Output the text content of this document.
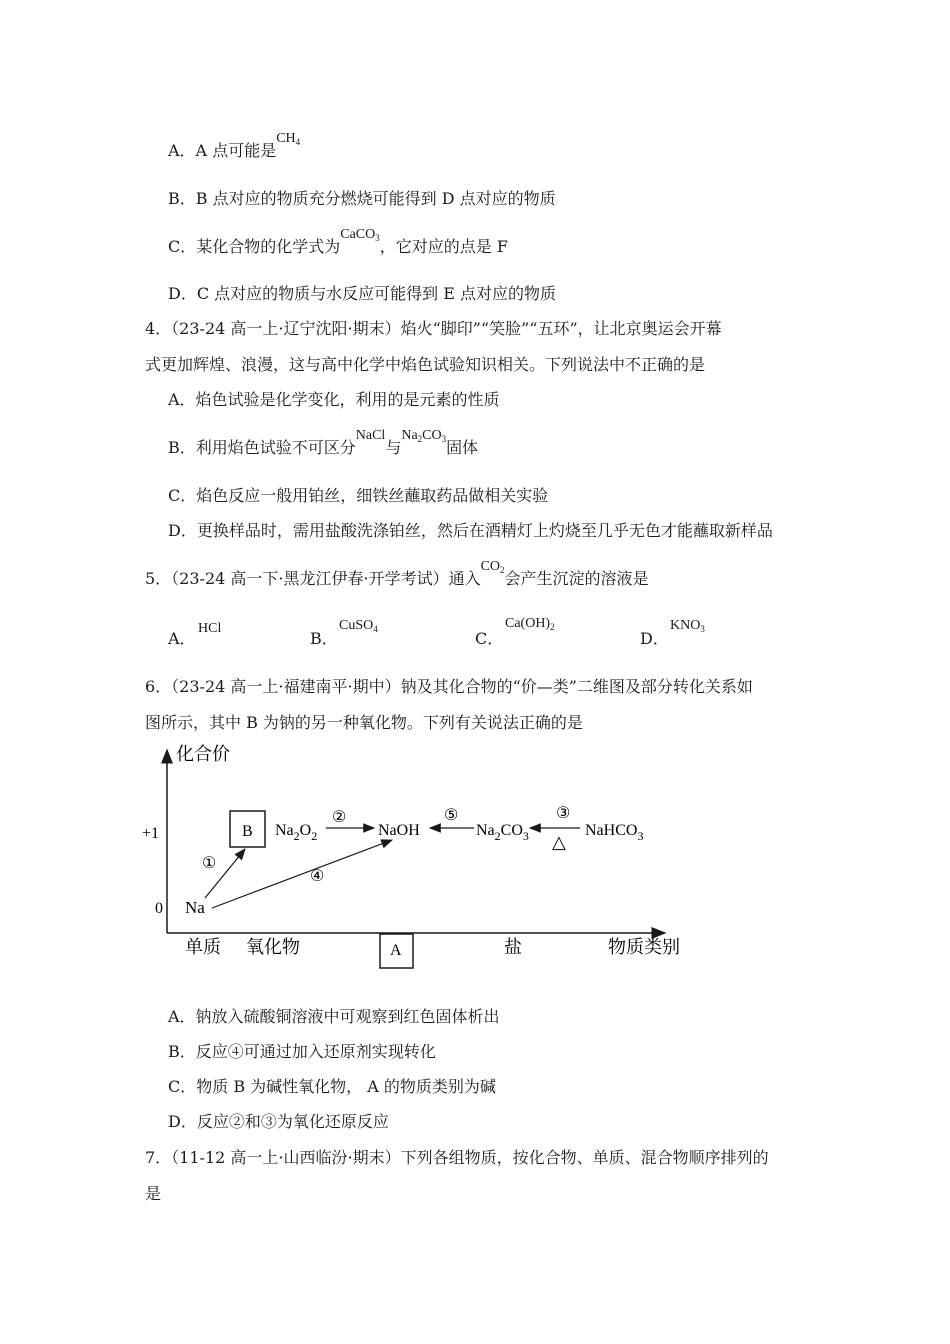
A．A 点可能是$CH_4$
B．B 点对应的物质充分燃烧可能得到 D 点对应的物质
C．某化合物的化学式为CaCO$_3$，它对应的点是 F
D．C 点对应的物质与水反应可能得到 E 点对应的物质
4．（23-24 高一上·辽宁沈阳·期末）焰火“脚印”“笑脸”“五环”，让北京奥运会开幕
式更加辉煌、浪漫，这与高中化学中焰色试验知识相关。下列说法中不正确的是
A．焰色试验是化学变化，利用的是元素的性质
B．利用焰色试验不可区分NaCl与$Na_2CO_3$固体
C．焰色反应一般用铂丝，细铁丝蘸取药品做相关实验
D．更换样品时，需用盐酸洗涤铂丝，然后在酒精灯上灼烧至几乎无色才能蘸取新样品
5．（23-24 高一下·黑龙江伊春·开学考试）通入$CO_2$会产生沉淀的溶液是
A．
HCl
B．
CuSO$_4$	C．
$Ca(OH)_2$
D．
$KNO_3$
6．（23-24 高一上·福建南平·期中）钠及其化合物的“价—类”二维图及部分转化关系如
图所示，其中 B 为钠的另一种氧化物。下列有关说法正确的是
化合价
+1
0
单质 氧化物	A	盐	物质类别
B
Na
$Na_2O_2$	NaOH	$Na_2CO_3$	NaHCO$_3$
①
②	③
△
④
⑤
A．钠放入硫酸铜溶液中可观察到红色固体析出
B．反应④可通过加入还原剂实现转化
C．物质 B 为碱性氧化物， A 的物质类别为碱
D．反应②和③为氧化还原反应
7．（11-12 高一上·山西临汾·期末）下列各组物质，按化合物、单质、混合物顺序排列的
是
